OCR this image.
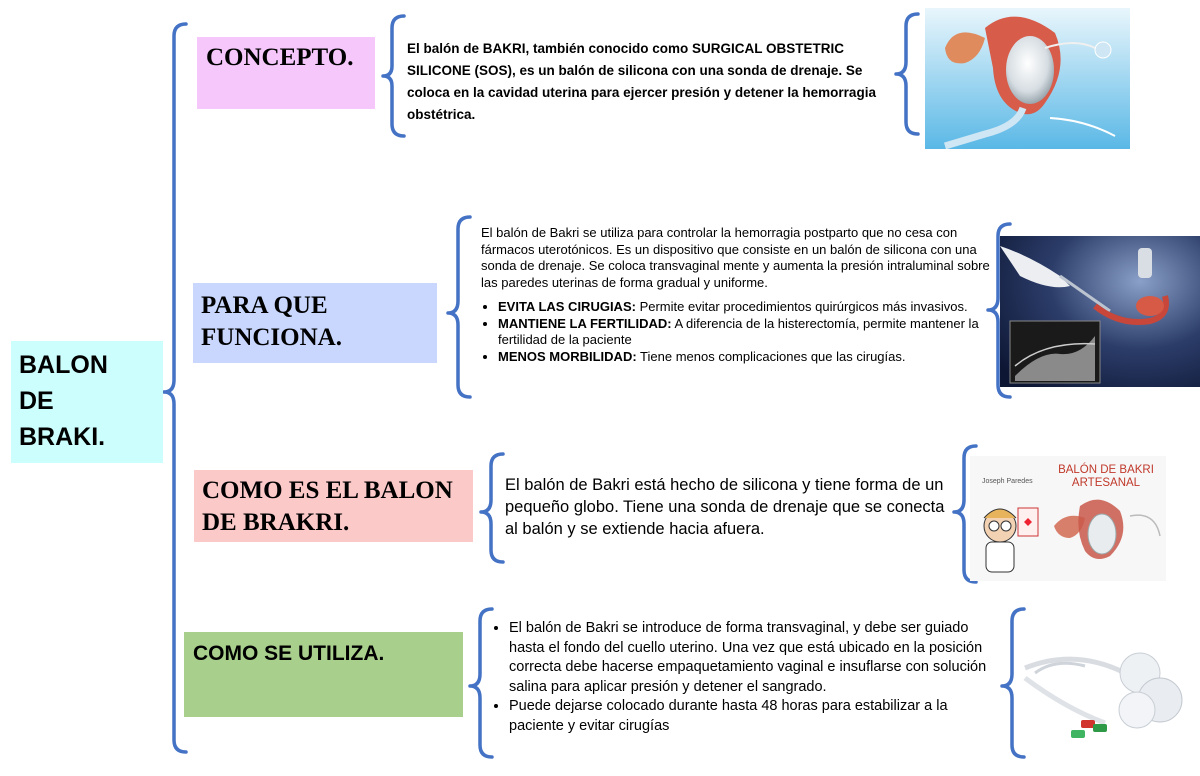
BALON
DE
BRAKI.
CONCEPTO.	El balón de BAKRI, también conocido como SURGICAL OBSTETRIC SILICONE (SOS), es un balón de silicona con una sonda de drenaje. Se coloca en la cavidad uterina para ejercer presión y detener la hemorragia obstétrica.
PARA QUE
FUNCIONA.
El balón de Bakri se utiliza para controlar la hemorragia postparto que no cesa con fármacos uterotónicos. Es un dispositivo que consiste en un balón de silicona con una sonda de drenaje. Se coloca transvaginal mente y aumenta la presión intraluminal sobre las paredes uterinas de forma gradual y uniforme.
• EVITA LAS CIRUGIAS: Permite evitar procedimientos quirúrgicos más invasivos.
• MANTIENE LA FERTILIDAD: A diferencia de la histerectomía, permite mantener la fertilidad de la paciente
• MENOS MORBILIDAD: Tiene menos complicaciones que las cirugías.
COMO ES EL BALON
DE BRAKRI.
El balón de Bakri está hecho de silicona y tiene forma de un pequeño globo. Tiene una sonda de drenaje que se conecta al balón y se extiende hacia afuera.
COMO SE UTILIZA.
• El balón de Bakri se introduce de forma transvaginal, y debe ser guiado hasta el fondo del cuello uterino. Una vez que está ubicado en la posición correcta debe hacerse empaquetamiento vaginal e insuflarse con solución salina para aplicar presión y detener el sangrado.
• Puede dejarse colocado durante hasta 48 horas para estabilizar a la paciente y evitar cirugías
BALÓN DE BAKRI
ARTESANAL
Joseph Paredes
